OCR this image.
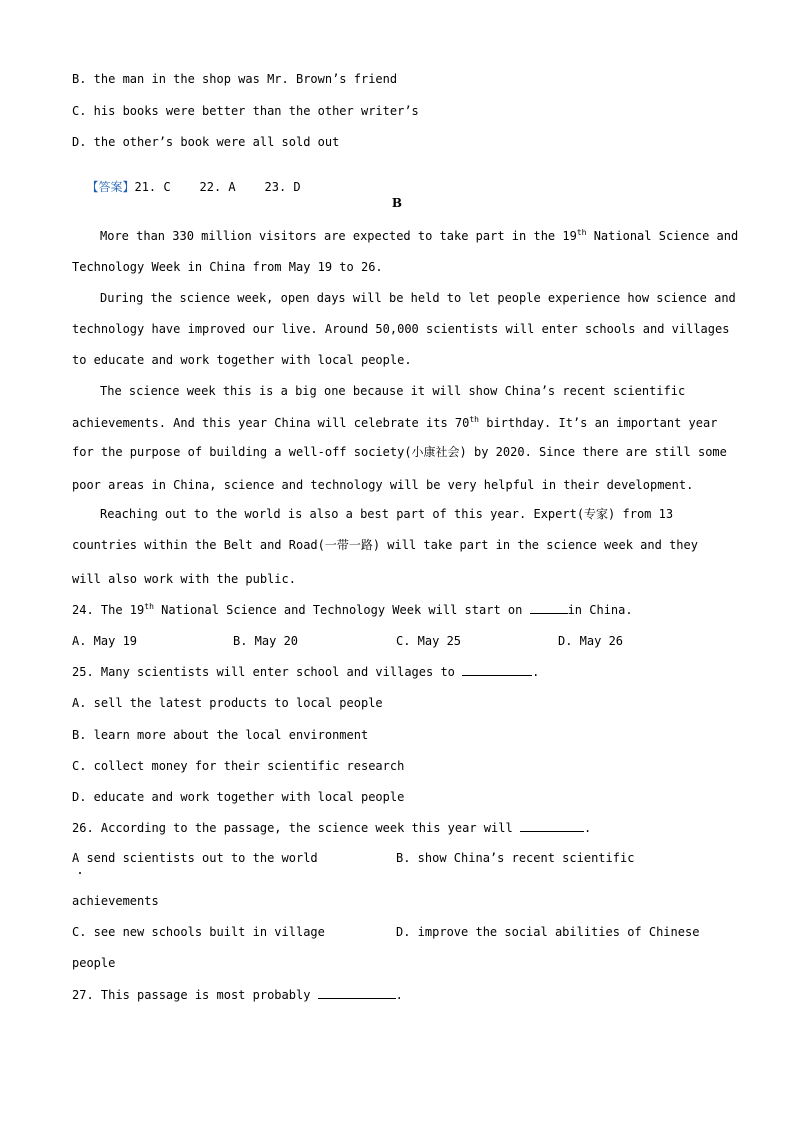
B. the man in the shop was Mr. Brown’s friend
C. his books were better than the other writer’s
D. the other’s book were all sold out

【答案】21. C    22. A    23. D

B
More than 330 million visitors are expected to take part in the 19th National Science and
Technology Week in China from May 19 to 26.
During the science week, open days will be held to let people experience how science and
technology have improved our live. Around 50,000 scientists will enter schools and villages
to educate and work together with local people.
The science week this is a big one because it will show China’s recent scientific
achievements. And this year China will celebrate its 70th birthday. It’s an important year
for the purpose of building a well-off society(小康社会) by 2020. Since there are still some
poor areas in China, science and technology will be very helpful in their development.
Reaching out to the world is also a best part of this year. Expert(专家) from 13
countries within the Belt and Road(一带一路) will take part in the science week and they
will also work with the public.
24. The 19th National Science and Technology Week will start on	in China.
A. May 19	B. May 20	C. May 25	D. May 26
25. Many scientists will enter school and villages to	.
A. sell the latest products to local people
B. learn more about the local environment
C. collect money for their scientific research
D. educate and work together with local people
26. According to the passage, the science week this year will	.
A send scientists out to the world	B. show China’s recent scientific
achievements
C. see new schools built in village	D. improve the social abilities of Chinese
people
27. This passage is most probably	.
